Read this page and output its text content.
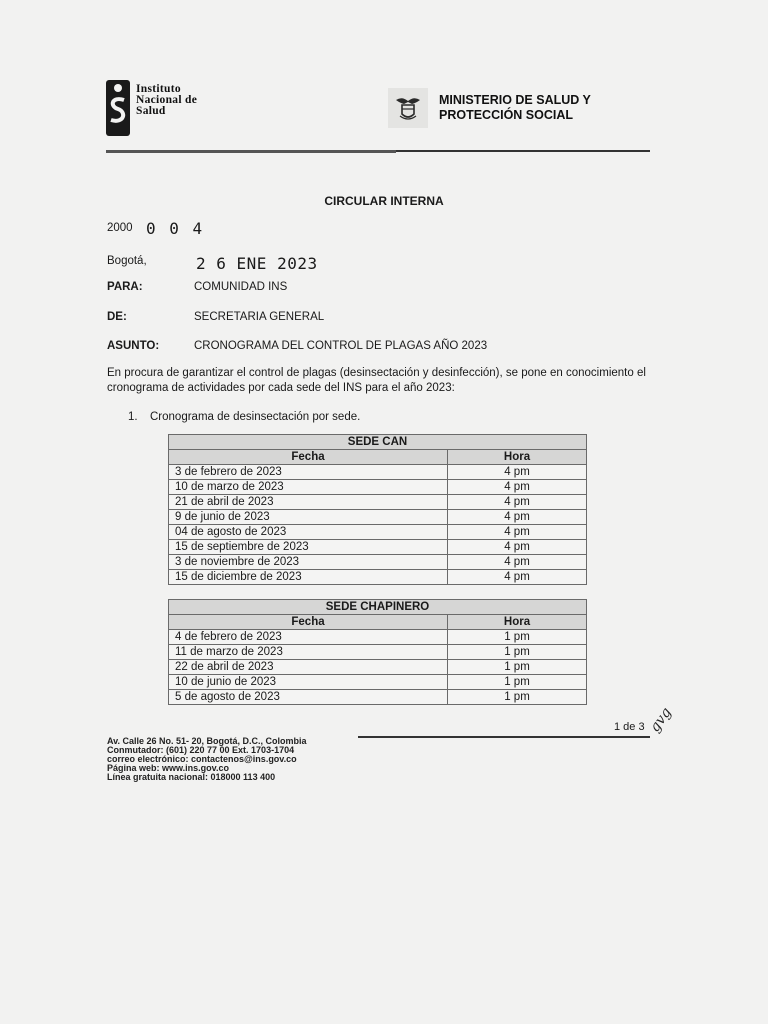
Instituto
Nacional de
Salud
MINISTERIO DE SALUD Y
PROTECCIÓN SOCIAL
CIRCULAR INTERNA
2000 0 0 4
Bogotá,	2 6 ENE 2023
PARA:	COMUNIDAD INS
DE:	SECRETARIA GENERAL
ASUNTO:	CRONOGRAMA DEL CONTROL DE PLAGAS AÑO 2023
En procura de garantizar el control de plagas (desinsectación y desinfección), se pone en conocimiento el cronograma de actividades por cada sede del INS para el año 2023:
1. Cronograma de desinsectación por sede.
SEDE CAN	
Fecha	Hora
3 de febrero de 2023	4 pm
10 de marzo de 2023	4 pm
21 de abril de 2023	4 pm
9 de junio de 2023	4 pm
04 de agosto de 2023	4 pm
15 de septiembre de 2023	4 pm
3 de noviembre de 2023	4 pm
15 de diciembre de 2023	4 pm
SEDE CHAPINERO	
Fecha	Hora
4 de febrero de 2023	1 pm
11 de marzo de 2023	1 pm
22 de abril de 2023	1 pm
10 de junio de 2023	1 pm
5 de agosto de 2023	1 pm
1 de 3 gvg
Av. Calle 26 No. 51- 20, Bogotá, D.C., Colombia
Conmutador: (601) 220 77 00 Ext. 1703-1704
correo electrónico: contactenos@ins.gov.co
Página web: www.ins.gov.co
Línea gratuita nacional: 018000 113 400
